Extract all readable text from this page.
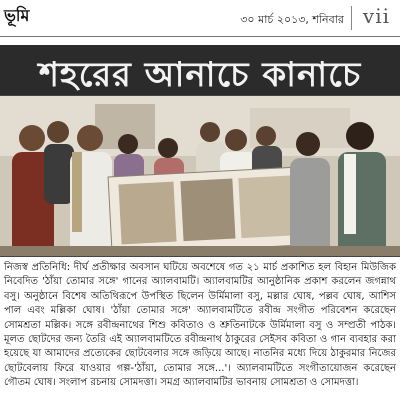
ভূমি	৩০ মার্চ ২০১৩, শনিবার vii
শহরের আনাচে কানাচে

নিজস্ব প্রতিনিধি: দীর্ঘ প্রতীক্ষার অবসান ঘটিয়ে অবশেষে গত ২১ মার্চ প্রকাশিত হল বিহান মিউজিক নিবেদিত 'ঠাঁয়া তোমার সঙ্গে' গানের অ্যালবামটি। অ্যালবামটির আনুষ্ঠানিক প্রকাশ করলেন জগন্নাথ বসু। অনুষ্ঠানে বিশেষ অতিথিরূপে উপস্থিত ছিলেন উর্মিমালা বসু, মল্লার ঘোষ, পল্লব ঘোষ, আশিস পাল এবং মল্লিকা ঘোষ। 'ঠাঁয়া তোমার সঙ্গে' অ্যালবামটিতে রবীন্দ্র সংগীত পরিবেশন করেছেন সোমশ্রতা মল্লিক। সঙ্গে রবীন্দ্রনাথের শিশু কবিতাও ও শ্রুতিনাটকে উর্মিমালা বসু ও সম্প্রতী পাঠক। মূলত ছোটদের জন্য তৈরি এই অ্যালবামটিতে রবীন্দ্রনাথ ঠাকুরের সেইসব কবিতা ও গান ব্যবহার করা হয়েছে যা আমাদের প্রত্যেকের ছোটবেলার সঙ্গে জড়িয়ে আছে। নাতনির মধ্যে দিয়ে ঠাকুরমার নিজের ছোটবেলায় ফিরে যাওয়ার গল্প-'ঠাঁয়া, তোমার সঙ্গে...'। অ্যালবামটিতে সংগীতায়োজন করেছেন গৌতম ঘোষ। সংলাপ রচনায় সোমদত্তা। সমগ্র অ্যালবামটির ভাবনায় সোমশ্রতা ও সোমদত্তা।
